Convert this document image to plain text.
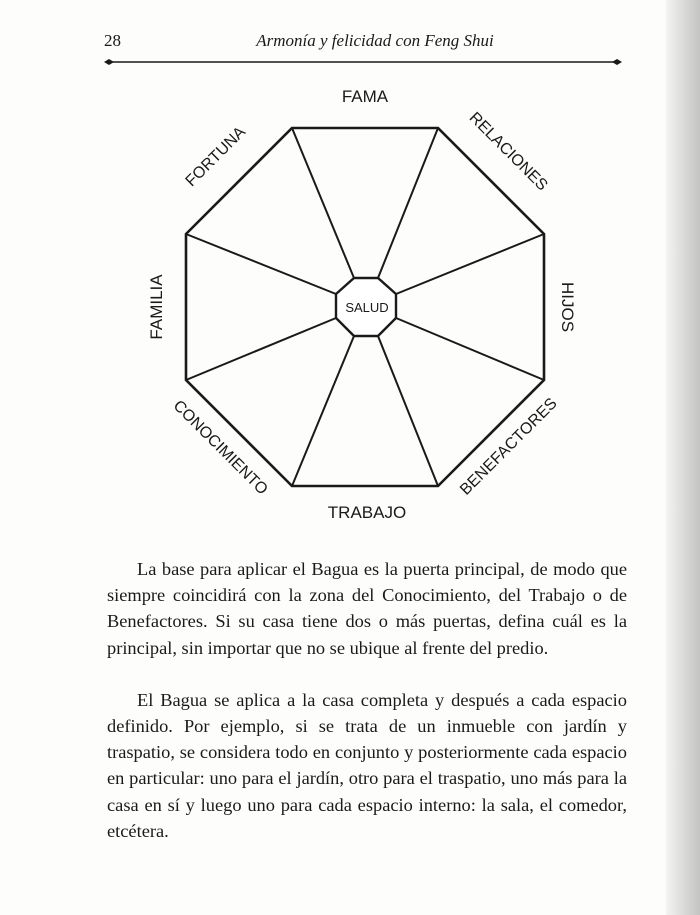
28	Armonía y felicidad con Feng Shui
SALUD
FAMA
RELACIONES
HIJOS
BENEFACTORES
TRABAJO
CONOCIMIENTO
FAMILIA
FORTUNA

La base para aplicar el Bagua es la puerta principal, de modo que siempre coincidirá con la zona del Conocimiento, del Trabajo o de Benefactores. Si su casa tiene dos o más puertas, defina cuál es la principal, sin importar que no se ubique al frente del predio.

El Bagua se aplica a la casa completa y después a cada espacio definido. Por ejemplo, si se trata de un inmueble con jardín y traspatio, se considera todo en conjunto y posteriormente cada espacio en particular: uno para el jardín, otro para el traspatio, uno más para la casa en sí y luego uno para cada espacio interno: la sala, el comedor, etcétera.
